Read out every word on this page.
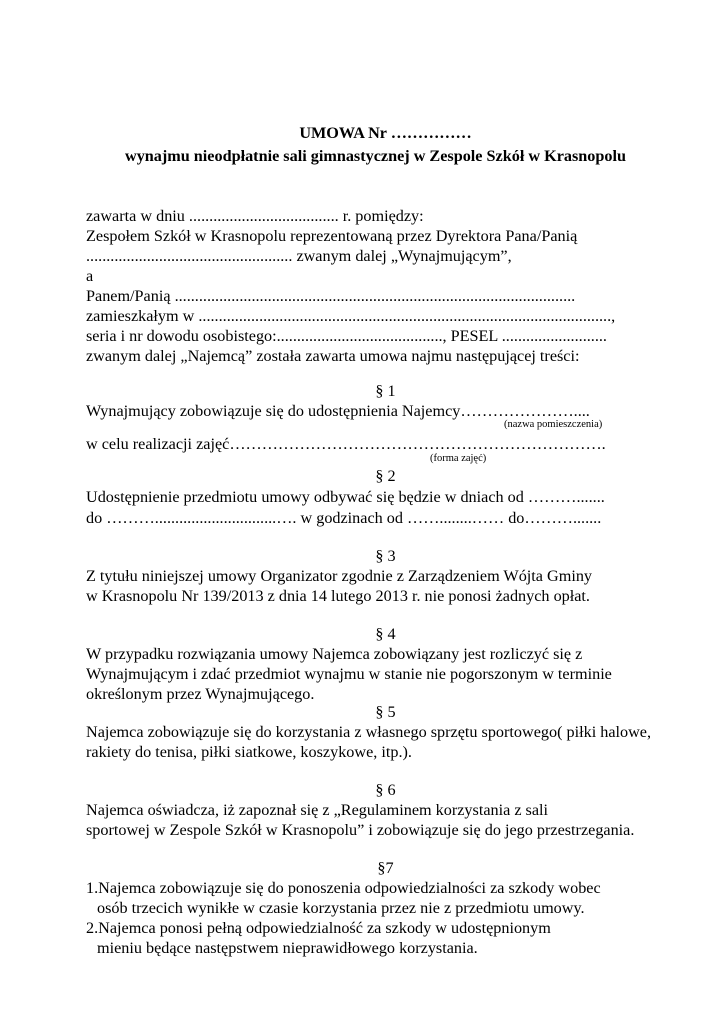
UMOWA Nr ……………
wynajmu nieodpłatnie sali gimnastycznej w Zespole Szkół w Krasnopolu
zawarta w dniu ..................................... r. pomiędzy:
Zespołem Szkół w Krasnopolu reprezentowaną przez Dyrektora Pana/Panią
................................................... zwanym dalej „Wynajmującym”,
a
Panem/Panią ...................................................................................................
zamieszkałym w ......................................................................................................,
seria i nr dowodu osobistego:........................................., PESEL ..........................
zwanym dalej „Najemcą” została zawarta umowa najmu następującej treści:
§ 1
Wynajmujący zobowiązuje się do udostępnienia Najemcy…………………....
(nazwa pomieszczenia)
w celu realizacji zajęć…………………………………………………………….
(forma zajęć)
§ 2
Udostępnienie przedmiotu umowy odbywać się będzie w dniach od ……….......
do ………..............................…. w godzinach od ……........…… do……….......
§ 3
Z tytułu niniejszej umowy Organizator zgodnie z Zarządzeniem Wójta Gminy
w Krasnopolu Nr 139/2013 z dnia 14 lutego 2013 r. nie ponosi żadnych opłat.
§ 4
W przypadku rozwiązania umowy Najemca zobowiązany jest rozliczyć się z
Wynajmującym i zdać przedmiot wynajmu w stanie nie pogorszonym w terminie
określonym przez Wynajmującego.
§ 5
Najemca zobowiązuje się do korzystania z własnego sprzętu sportowego( piłki halowe,
rakiety do tenisa, piłki siatkowe, koszykowe, itp.).
§ 6
Najemca oświadcza, iż zapoznał się z „Regulaminem korzystania z sali
sportowej w Zespole Szkół w Krasnopolu” i zobowiązuje się do jego przestrzegania.
§7
1.Najemca zobowiązuje się do ponoszenia odpowiedzialności za szkody wobec
osób trzecich wynikłe w czasie korzystania przez nie z przedmiotu umowy.
2.Najemca ponosi pełną odpowiedzialność za szkody w udostępnionym
mieniu będące następstwem nieprawidłowego korzystania.
